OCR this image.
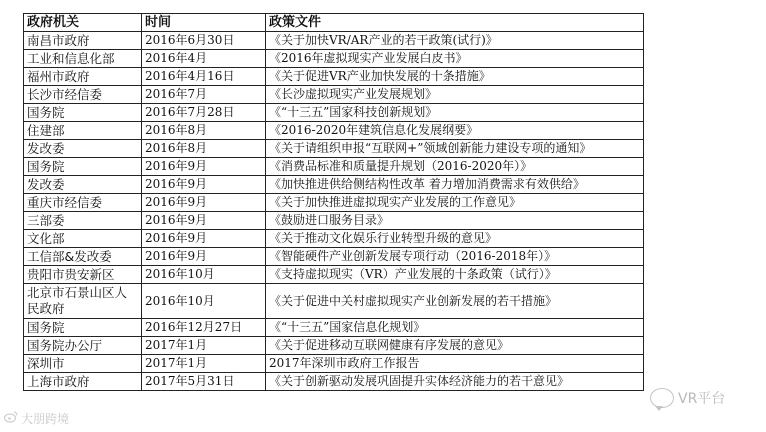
政府机关	时间	政策文件
南昌市政府	2016年6月30日	《关于加快VR/AR产业的若干政策(试行)》
工业和信息化部	2016年4月	《2016年虚拟现实产业发展白皮书》
福州市政府	2016年4月16日	《关于促进VR产业加快发展的十条措施》
长沙市经信委	2016年7月	《长沙虚拟现实产业发展规划》
国务院	2016年7月28日	《“十三五”国家科技创新规划》
住建部	2016年8月	《2016-2020年建筑信息化发展纲要》
发改委	2016年8月	《关于请组织申报“互联网+”领域创新能力建设专项的通知》
国务院	2016年9月	《消费品标准和质量提升规划（2016-2020年）》
发改委	2016年9月	《加快推进供给侧结构性改革 着力增加消费需求有效供给》
重庆市经信委	2016年9月	《关于加快推进虚拟现实产业发展的工作意见》
三部委	2016年9月	《鼓励进口服务目录》
文化部	2016年9月	《关于推动文化娱乐行业转型升级的意见》
工信部&发改委	2016年9月	《智能硬件产业创新发展专项行动（2016-2018年）》
贵阳市贵安新区	2016年10月	《支持虚拟现实（VR）产业发展的十条政策（试行）》
北京市石景山区人民政府	2016年10月	《关于促进中关村虚拟现实产业创新发展的若干措施》
国务院	2016年12月27日	《“十三五”国家信息化规划》
国务院办公厅	2017年1月	《关于促进移动互联网健康有序发展的意见》
深圳市	2017年1月	2017年深圳市政府工作报告
上海市政府	2017年5月31日	《关于创新驱动发展巩固提升实体经济能力的若干意见》
大朋跨境
VR平台
